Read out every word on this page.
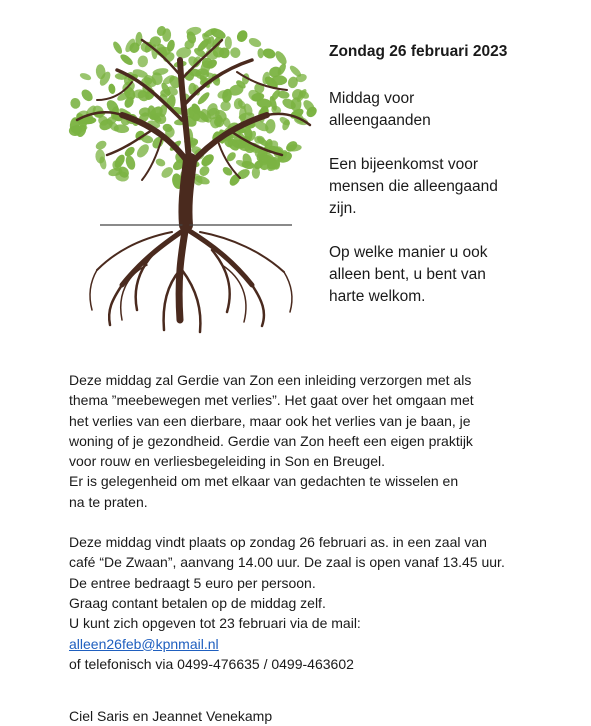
Zondag 26 februari 2023
Middag voor
alleengaanden
Een bijeenkomst voor
mensen die alleengaand
zijn.
Op welke manier u ook
alleen bent, u bent van
harte welkom.
Deze middag zal Gerdie van Zon een inleiding verzorgen met als
thema ”meebewegen met verlies”. Het gaat over het omgaan met
het verlies van een dierbare, maar ook het verlies van je baan, je
woning of je gezondheid. Gerdie van Zon heeft een eigen praktijk
voor rouw en verliesbegeleiding in Son en Breugel.
Er is gelegenheid om met elkaar van gedachten te wisselen en
na te praten.
Deze middag vindt plaats op zondag 26 februari as. in een zaal van
café “De Zwaan”, aanvang 14.00 uur. De zaal is open vanaf 13.45 uur.
De entree bedraagt 5 euro per persoon.
Graag contant betalen op de middag zelf.
U kunt zich opgeven tot 23 februari via de mail:
alleen26feb@kpnmail.nl
of telefonisch via 0499-476635 / 0499-463602
Ciel Saris en Jeannet Venekamp
